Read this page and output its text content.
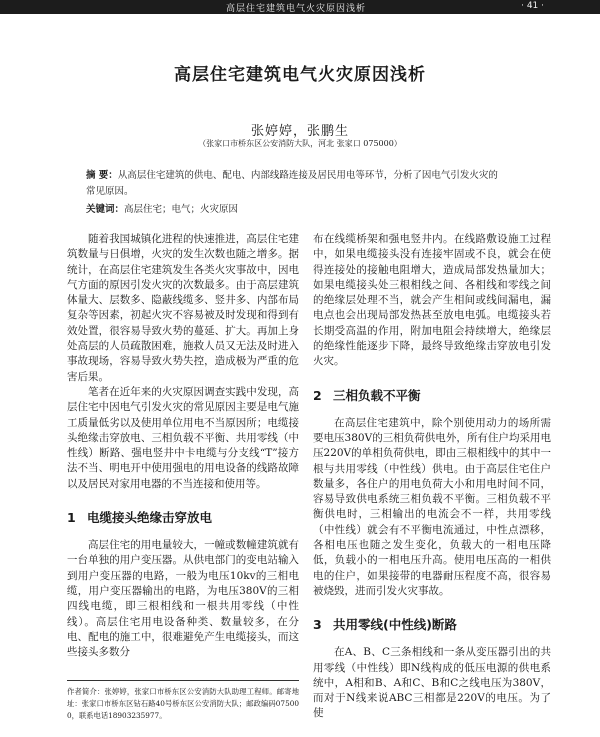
高层住宅建筑电气火灾原因浅析	· 41 ·
高层住宅建筑电气火灾原因浅析
张婷婷，张鹏生
（张家口市桥东区公安消防大队，河北 张家口 075000）
摘 要：从高层住宅建筑的供电、配电、内部线路连接及居民用电等环节，分析了因电气引发火灾的常见原因。
关键词：高层住宅；电气；火灾原因

随着我国城镇化进程的快速推进，高层住宅建筑数量与日俱增，火灾的发生次数也随之增多。据统计，在高层住宅建筑发生各类火灾事故中，因电气方面的原因引发火灾的次数最多。由于高层建筑体量大、层数多、隐蔽线缆多、竖井多、内部布局复杂等因素，初起火灾不容易被及时发现和得到有效处置，很容易导致火势的蔓延、扩大。再加上身处高层的人员疏散困难，施救人员又无法及时进入事故现场，容易导致火势失控，造成极为严重的危害后果。

笔者在近年来的火灾原因调查实践中发现，高层住宅中因电气引发火灾的常见原因主要是电气施工质量低劣以及使用单位用电不当原因所；电缆接头绝缘击穿放电、三相负载不平衡、共用零线（中性线）断路、强电竖井中卡电缆与分支线“T”接方法不当、明电开中使用强电的用电设备的线路故障以及居民对家用电器的不当连接和使用等。

1 电缆接头绝缘击穿放电

高层住宅的用电量较大，一幢或数幢建筑就有一台单独的用户变压器。从供电部门的变电站输入到用户变压器的电路，一般为电压10kv的三相电缆，用户变压器输出的电路，为电压380V的三相四线电缆，即三根相线和一根共用零线（中性线）。高层住宅用电设备种类、数量较多，在分电、配电的施工中，很难避免产生电缆接头，而这些接头多数分

布在线缆桥架和强电竖井内。在线路敷设施工过程中，如果电缆接头没有连接牢固或不良，就会在使得连接处的接触电阻增大，造成局部发热量加大；如果电缆接头处三根相线之间、各相线和零线之间的绝缘层处理不当，就会产生相间或线间漏电，漏电点也会出现局部发热甚至放电电弧。电缆接头若长期受高温的作用，附加电阻会持续增大，绝缘层的绝缘性能逐步下降，最终导致绝缘击穿放电引发火灾。

2 三相负载不平衡

在高层住宅建筑中，除个别使用动力的场所需要电压380V的三相负荷供电外，所有住户均采用电压220V的单相负荷供电，即由三根相线中的其中一根与共用零线（中性线）供电。由于高层住宅住户数量多，各住户的用电负荷大小和用电时间不同，容易导致供电系统三相负载不平衡。三相负载不平衡供电时，三相输出的电流会不一样，共用零线（中性线）就会有不平衡电流通过，中性点漂移，各相电压也随之发生变化，负载大的一相电压降低，负载小的一相电压升高。使用电压高的一相供电的住户，如果接带的电器耐压程度不高，很容易被烧毁，进而引发火灾事故。

3 共用零线(中性线)断路

在A、B、C三条相线和一条从变压器引出的共用零线（中性线）即N线构成的低压电源的供电系统中，A相和B、A和C、B和C之线电压为380V，而对于N线来说ABC三相都是220V的电压。为了使

作者简介：张婷婷，张家口市桥东区公安消防大队助理工程师。邮寄地址：张家口市桥东区钻石路40号桥东区公安消防大队；邮政编码075000，联系电话18903235977。
